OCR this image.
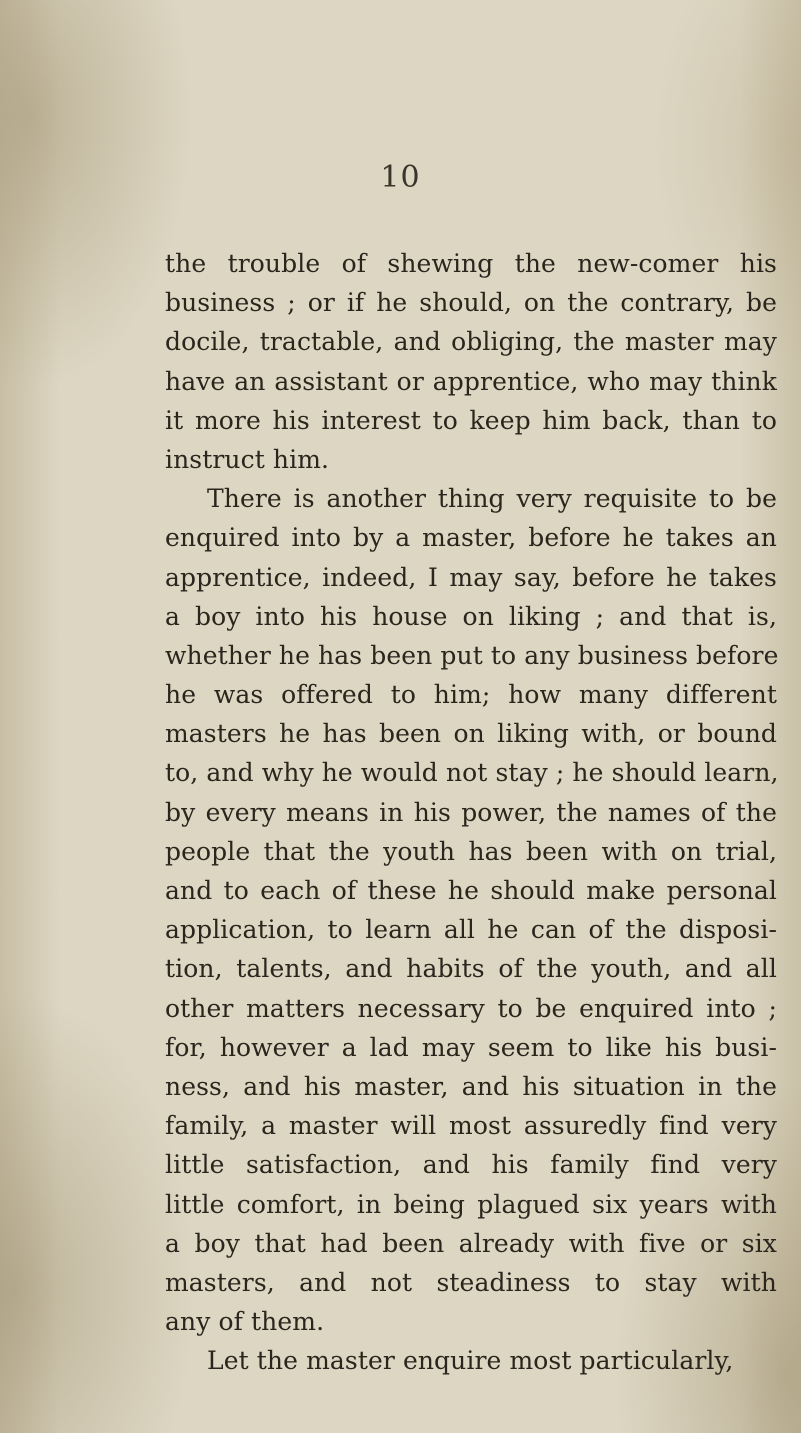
10
the trouble of shewing the new-comer his
business ; or if he should, on the contrary, be
docile, tractable, and obliging, the master may
have an assistant or apprentice, who may think
it more his interest to keep him back, than to
instruct him.
There is another thing very requisite to be
enquired into by a master, before he takes an
apprentice, indeed, I may say, before he takes
a boy into his house on liking ; and that is,
whether he has been put to any business before
he was offered to him; how many different
masters he has been on liking with, or bound
to, and why he would not stay ; he should learn,
by every means in his power, the names of the
people that the youth has been with on trial,
and to each of these he should make personal
application, to learn all he can of the disposi-
tion, talents, and habits of the youth, and all
other matters necessary to be enquired into ;
for, however a lad may seem to like his busi-
ness, and his master, and his situation in the
family, a master will most assuredly find very
little satisfaction, and his family find very
little comfort, in being plagued six years with
a boy that had been already with five or six
masters, and not steadiness to stay with
any of them.
Let the master enquire most particularly,
